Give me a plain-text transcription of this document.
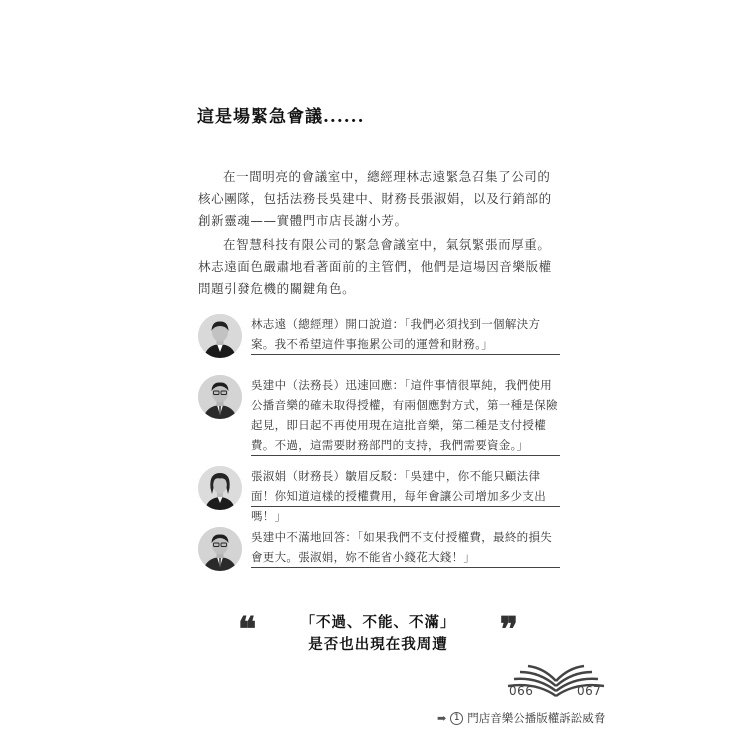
這是場緊急會議......

在一間明亮的會議室中，總經理林志遠緊急召集了公司的核心團隊，包括法務長吳建中、財務長張淑娟，以及行銷部的創新靈魂——實體門市店長謝小芳。

在智慧科技有限公司的緊急會議室中，氣氛緊張而厚重。林志遠面色嚴肅地看著面前的主管們，他們是這場因音樂版權問題引發危機的關鍵角色。

林志遠（總經理）開口說道：「我們必須找到一個解決方案。我不希望這件事拖累公司的運營和財務。」
吳建中（法務長）迅速回應：「這件事情很單純，我們使用公播音樂的確未取得授權，有兩個應對方式，第一種是保險起見，即日起不再使用現在這批音樂，第二種是支付授權費。不過，這需要財務部門的支持，我們需要資金。」
張淑娟（財務長）皺眉反駁：「吳建中，你不能只顧法律面！你知道這樣的授權費用，每年會讓公司增加多少支出嗎！」
吳建中不滿地回答：「如果我們不支付授權費，最終的損失會更大。張淑娟，妳不能省小錢花大錢！」
❝	「不過、不能、不滿」
是否也出現在我周遭	❞
066	067
➡ 1 門店音樂公播版權訴訟威脅
